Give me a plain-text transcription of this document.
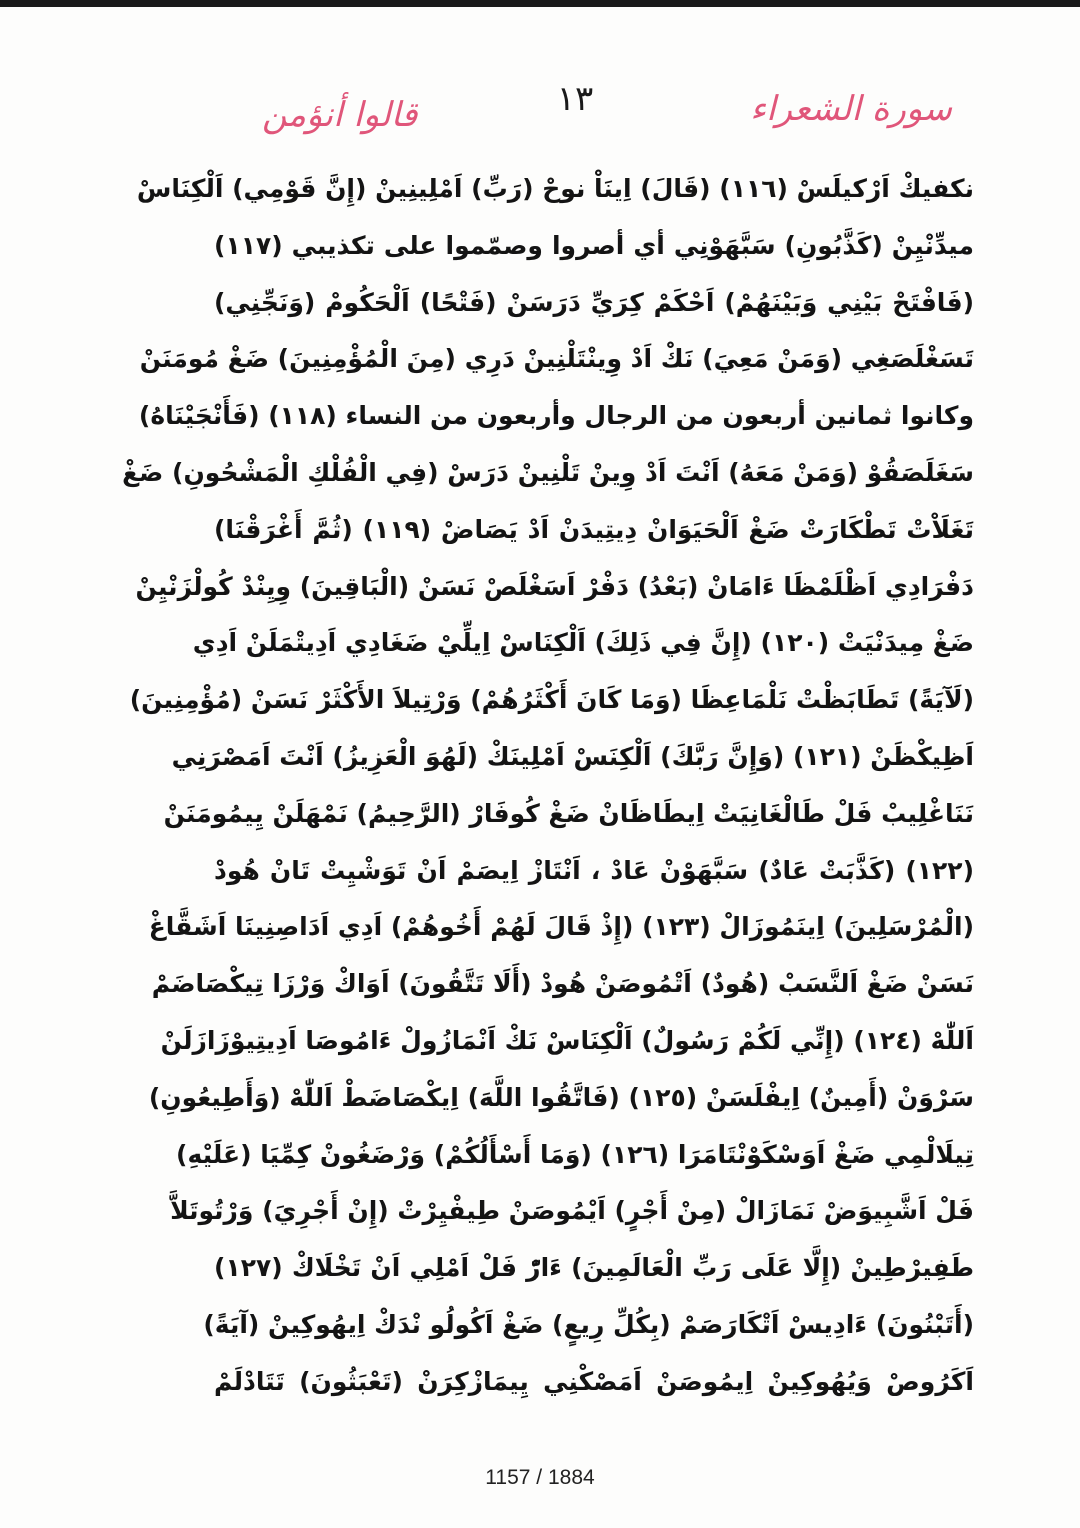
سورة الشعراء
١٣
قالوا أنؤمن
نكفيكْ اَرْكيلَسْ (١١٦) (قَالَ) اِينَاْ نوحْ (رَبِّ) اَمْلِينِينْ (إِنَّ قَوْمِي) اَلْكِنَاسْ
ميدِّنْيِنْ (كَذَّبُونِ) سَبَّهَوْنِي أي أصروا وصمّموا على تكذيبي (١١٧)
(فَافْتَحْ بَيْنِي وَبَيْنَهُمْ) اَحْكَمْ كِرَيِّ دَرَسَنْ (فَتْحًا) اَلْحَكُومْ (وَنَجِّنِي)
تَسَغْلَصَغِي (وَمَنْ مَعِيَ) نَكْ اَدْ وِينْتَلْنِينْ دَرِي (مِنَ الْمُؤْمِنِينَ) ضَغْ مُومَنَنْ
وكانوا ثمانين أربعون من الرجال وأربعون من النساء (١١٨) (فَأَنْجَيْنَاهُ)
سَغَلَصَقُوْ (وَمَنْ مَعَهُ) اَنْتَ اَدْ وِينْ تَلْنِينْ دَرَسْ (فِي الْفُلْكِ الْمَشْحُونِ) ضَغْ
تَغَلَاْتْ تَطْكَارَتْ ضَغْ اَلْحَيَوَانْ دِيتِيدَنْ اَدْ يَصَاضْ (١١٩) (ثُمَّ أَغْرَقْنَا)
دَفْرَادِي اَظْلَمْظَا ءَامَانْ (بَعْدُ) دَفْرْ اَسَغْلَصْ نَسَنْ (الْبَاقِينَ) وِيِنْدْ كُولْزَنْيِنْ
ضَغْ مِيدَنْيَتْ (١٢٠) (إِنَّ فِي ذَلِكَ) اَلْكِنَاسْ اِيلِّيْ ضَغَادِي اَدِيتْمَلَنْ اَدِي
(لَآيَةً) تَطَابَظْتْ نَلْمَاعِظَا (وَمَا كَانَ أَكْثَرُهُمْ) وَرْتِيلاَ الأَكْثَرْ نَسَنْ (مُؤْمِنِينَ)
اَظِيكْظَنْ (١٢١) (وَإِنَّ رَبَّكَ) اَلْكِنَسْ اَمْلِينَكْ (لَهُوَ الْعَزِيزُ) اَنْتَ اَمَصْرَنِي
نَنَاغْلِيبْ فَلْ طَالْغَانِيَتْ اِيطَاظَانْ ضَغْ كُوفَارْ (الرَّحِيمُ) نَمْهَلَنْ يِيمُومَنَنْ
(١٢٢) (كَذَّبَتْ عَادٌ) سَبَّهَوْنْ عَادْ ، اَنْتَازْ اِيصَمْ اَنْ تَوَشْيِتْ تَانْ هُودْ
(الْمُرْسَلِينَ) اِينَمُوزَالْ (١٢٣) (إِذْ قَالَ لَهُمْ أَخُوهُمْ) اَدِي اَدَاصِنِينَا اَشَقَّاغْ
نَسَنْ ضَغْ اَلنَّسَبْ (هُودٌ) اَتْمُوصَنْ هُودْ (أَلَا تَتَّقُونَ) اَوَاكْ وَرْزَا تِيكْصَاضَمْ
اَللّٰهْ (١٢٤) (إِنِّي لَكُمْ رَسُولٌ) اَلْكِنَاسْ نَكْ اَنْمَازُولْ ءَامُوصَا اَدِيتِيوْزَازَلَنْ
سَرْوَنْ (أَمِينٌ) اِيفْلَسَنْ (١٢٥) (فَاتَّقُوا اللَّهَ) اِيكْصَاضَطْ اَللّٰهْ (وَأَطِيعُونِ)
تِيلَالْمِي ضَغْ اَوَسْكَوْنْتَامَرَا (١٢٦) (وَمَا أَسْأَلُكُمْ) وَرْضَغُونْ كِمِّيَا (عَلَيْهِ)
فَلْ اَشَّبِيوَضْ نَمَازَالْ (مِنْ أَجْرٍ) اَيْمُوصَنْ طِيفْيِرْتْ (إِنْ أَجْرِيَ) وَرْتُوتَلاَّ
طَفِيرْطِينْ (إِلَّا عَلَى رَبِّ الْعَالَمِينَ) ءَارّْ فَلْ اَمْلِي اَنْ تَخْلَاكْ (١٢٧)
(أَتَبْنُونَ) ءَادِيسْ اَتْكَارَصَمْ (بِكُلِّ رِيعٍ) ضَغْ اَكُولُو نْدَكْ اِيهُوكِينْ (آيَةً)
اَكَرُوصْ وَيُهُوكِينْ اِيمُوصَنْ اَمَصْكْنِي يِيمَازْكِرَنْ (تَعْبَثُونَ) تَتَادْلَمْ
1157 / 1884
